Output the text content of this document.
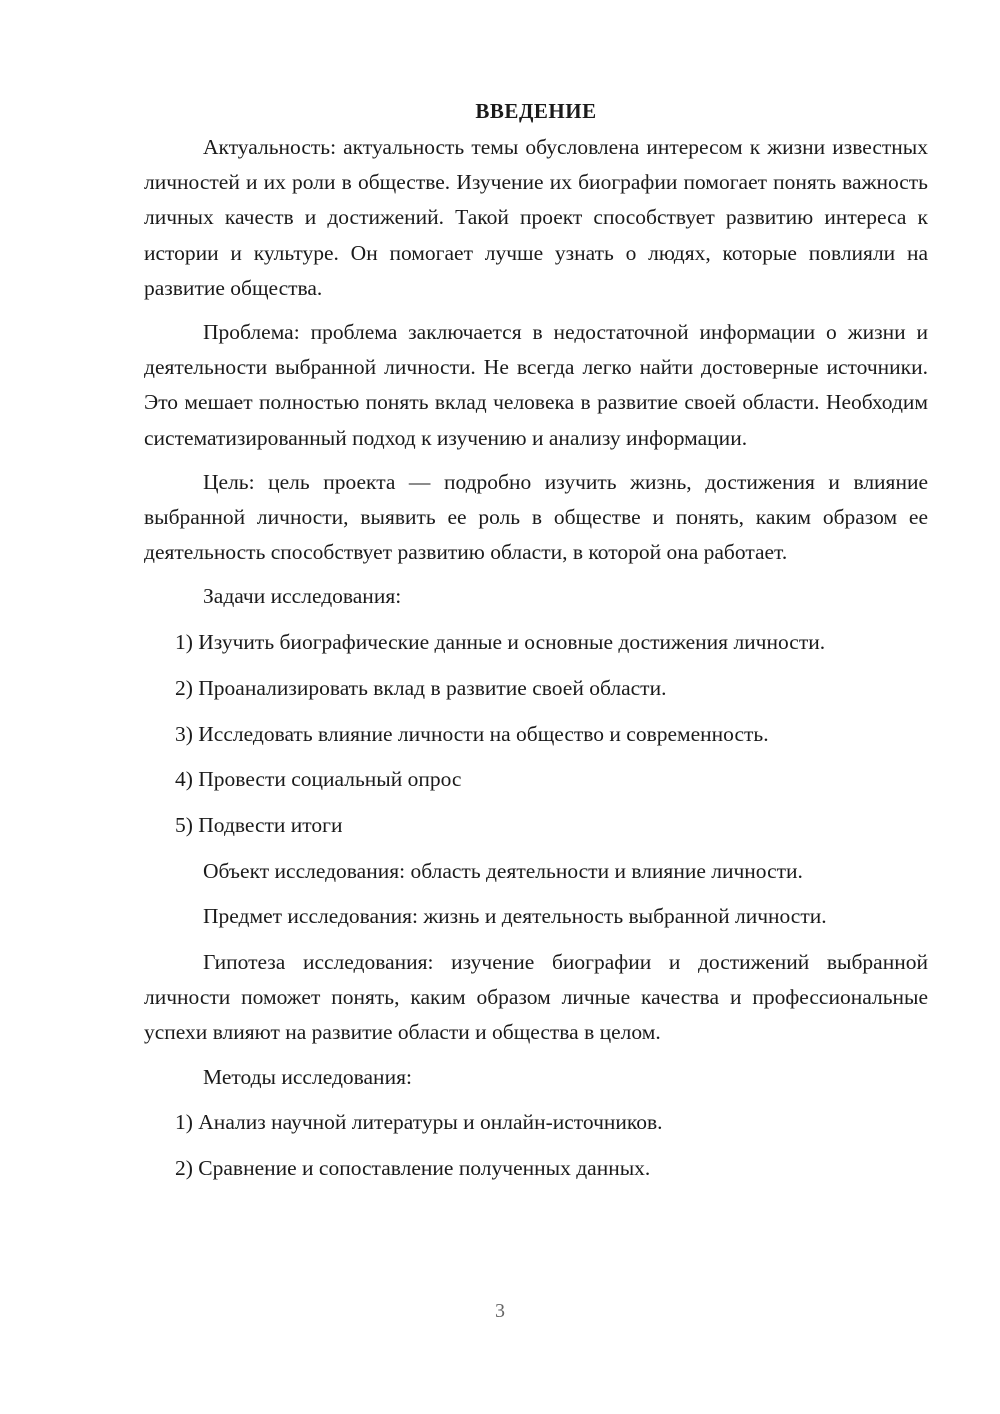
ВВЕДЕНИЕ

Актуальность: актуальность темы обусловлена интересом к жизни известных личностей и их роли в обществе. Изучение их биографии помогает понять важность личных качеств и достижений. Такой проект способствует развитию интереса к истории и культуре. Он помогает лучше узнать о людях, которые повлияли на развитие общества.

Проблема: проблема заключается в недостаточной информации о жизни и деятельности выбранной личности. Не всегда легко найти достоверные источники. Это мешает полностью понять вклад человека в развитие своей области. Необходим систематизированный подход к изучению и анализу информации.

Цель: цель проекта — подробно изучить жизнь, достижения и влияние выбранной личности, выявить ее роль в обществе и понять, каким образом ее деятельность способствует развитию области, в которой она работает.

Задачи исследования:
1) Изучить биографические данные и основные достижения личности.
2) Проанализировать вклад в развитие своей области.
3) Исследовать влияние личности на общество и современность.
4) Провести социальный опрос
5) Подвести итоги
Объект исследования: область деятельности и влияние личности.
Предмет исследования: жизнь и деятельность выбранной личности.

Гипотеза исследования: изучение биографии и достижений выбранной личности поможет понять, каким образом личные качества и профессиональные успехи влияют на развитие области и общества в целом.

Методы исследования:
1) Анализ научной литературы и онлайн-источников.
2) Сравнение и сопоставление полученных данных.
3
